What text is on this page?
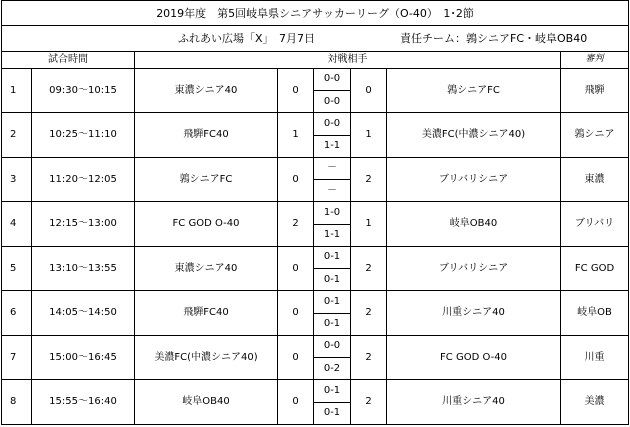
2019年度　第5回岐阜県シニアサッカーリーグ（O-40）　1･2節							

ふれあい広場「X」　7月7日 責任チーム：鶉シニアFC・岐阜OB40							

試合時間		対戦相手					審判
1	09:30～10:15	東濃シニア40	0	0-0	0	鶉シニアFC	飛騨
				0-0			
2	10:25～11:10	飛騨FC40	1	0-0	1	美濃FC(中濃シニア40)	鶉シニア
				1-1			
3	11:20～12:05	鶉シニアFC	0	－	2	ブリバリシニア	東濃
				－			
4	12:15～13:00	FC GOD O-40	2	1-0	1	岐阜OB40	ブリバリ
				1-1			
5	13:10～13:55	東濃シニア40	0	0-1	2	ブリバリシニア	FC GOD
				0-1			
6	14:05～14:50	飛騨FC40	0	0-1	2	川重シニア40	岐阜OB
				0-1			
7	15:00～16:45	美濃FC(中濃シニア40)	0	0-0	2	FC GOD O-40	川重
				0-2			
8	15:55～16:40	岐阜OB40	0	0-1	2	川重シニア40	美濃
				0-1			
